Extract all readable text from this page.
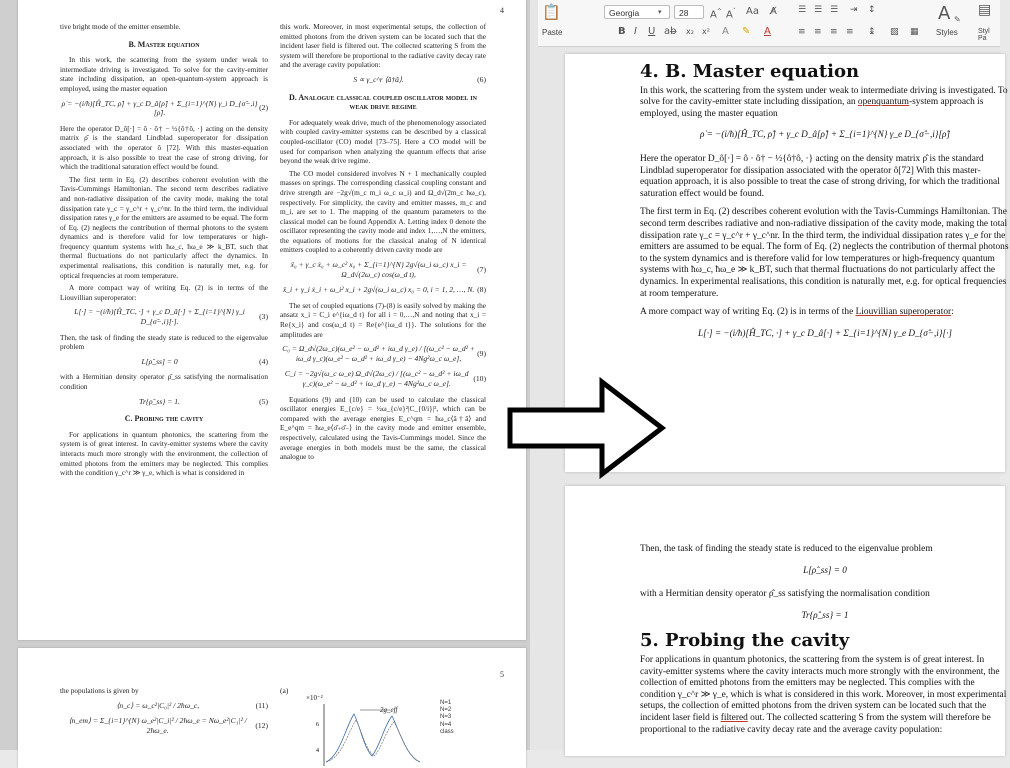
4

tive bright mode of the emitter ensemble.

B. Master equation

In this work, the scattering from the system under weak to intermediate driving is investigated. To solve for the cavity-emitter state including dissipation, an open-quantum-system approach is employed, using the master equation

ρ̇ = −(i/ħ)[Ĥ_TC, ρ̂] + γ_c D_â[ρ̂] + Σ_{i=1}^{N} γ_i D_{σ̂−,i}[ρ̂].
(2)

Here the operator D_ô[·] = ô · ô† − ½{ô†ô, ·} acting on the density matrix ρ̂ is the standard Lindblad superoperator for dissipation associated with the operator ô [72]. With this master-equation approach, it is also possible to treat the case of strong driving, for which the traditional saturation effect would be found.

The first term in Eq. (2) describes coherent evolution with the Tavis-Cummings Hamiltonian. The second term describes radiative and non-radiative dissipation of the cavity mode, making the total dissipation rate γ_c = γ_c^r + γ_c^nr. In the third term, the individual dissipation rates γ_e for the emitters are assumed to be equal. The form of Eq. (2) neglects the contribution of thermal photons to the system dynamics and is therefore valid for low temperatures or high-frequency quantum systems with ħω_c, ħω_e ≫ k_BT, such that thermal fluctuations do not particularly affect the dynamics. In experimental realisations, this condition is naturally met, e.g. for optical frequencies at room temperature.

A more compact way of writing Eq. (2) is in terms of the Liouvillian superoperator:

L[·] = −(i/ħ)[Ĥ_TC, ·] + γ_c D_â[·] + Σ_{i=1}^{N} γ_i D_{σ̂−,i}[·].
(3)

Then, the task of finding the steady state is reduced to the eigenvalue problem

L[ρ̂_ss] = 0	(4)

with a Hermitian density operator ρ̂_ss satisfying the normalisation condition

Tr{ρ̂_ss} = 1.	(5)
C. Probing the cavity

For applications in quantum photonics, the scattering from the system is of great interest. In cavity-emitter systems where the cavity interacts much more strongly with the environment, the collection of emitted photons from the emitters may be neglected. This complies with the condition γ_c^r ≫ γ_e, which is what is considered in

this work. Moreover, in most experimental setups, the collection of emitted photons from the driven system can be located such that the incident laser field is filtered out. The collected scattering S from the system will therefore be proportional to the radiative cavity decay rate and the average cavity population:

S ∝ γ_c^r ⟨â†â⟩.	(6)
D. Analogue classical coupled oscillator model in weak drive regime

For adequately weak drive, much of the phenomenology associated with coupled cavity-emitter systems can be described by a classical coupled-oscillator (CO) model [73–75]. Here a CO model will be used for comparison when analyzing the quantum effects that arise beyond the weak drive regime.

The CO model considered involves N + 1 mechanically coupled masses on springs. The corresponding classical coupling constant and drive strength are −2g√(m_c m_i ω_c ω_i) and Ω_d√(2m_c ħω_c), respectively. For simplicity, the cavity and emitter masses, m_c and m_i, are set to 1. The mapping of the quantum parameters to the classical model can be found Appendix A. Letting index 0 denote the oscillator representing the cavity mode and index 1,…,N the emitters, the equations of motions for the classical analog of N identical emitters coupled to a coherently driven cavity mode are

ẍ₀ + γ_c ẋ₀ + ω_c² x₀ + Σ_{i=1}^{N} 2g√(ω_i ω_c) x_i = Ω_d√(2ω_c) cos(ω_d t),
(7)
ẍ_i + γ_i ẋ_i + ω_i² x_i + 2g√(ω_i ω_c) x₀ = 0, i = 1, 2, …, N. (8)

The set of coupled equations (7)-(8) is easily solved by making the ansatz x_i = C_i e^{iω_d t} for all i = 0,…,N and noting that x_i = Re{x_i} and cos(ω_d t) = Re{e^{iω_d t}}. The solutions for the amplitudes are

C₀ = Ω_d√(2ω_c)(ω_e² − ω_d² + iω_d γ_e) / [(ω_c² − ω_d² + iω_d γ_c)(ω_e² − ω_d² + iω_d γ_e) − 4Ng²ω_c ω_e],
(9)
C_i = −2g√(ω_c ω_e) Ω_d√(2ω_c) / [(ω_c² − ω_d² + iω_d γ_c)(ω_e² − ω_d² + iω_d γ_e) − 4Ng²ω_c ω_e].
(10)

Equations (9) and (10) can be used to calculate the classical oscillator energies E_{c/e} = ½ω_{c/e}²|C_{0/i}|², which can be compared with the average energies E_c^qm = ħω_c⟨â†â⟩ and E_e^qm = ħω_e⟨σ̂₊σ̂₋⟩ in the cavity mode and emitter ensemble, respectively, calculated using the Tavis-Cummings model. Since the average energies in both models must be the same, the classical analogue to

5

the populations is given by

⟨n_c⟩ = ω_c²|C₀|² / 2ħω_c,	(11)
⟨n_em⟩ = Σ_{i=1}^{N} ω_e²|C_i|² / 2ħω_e = Nω_e²|C₁|² / 2ħω_e.
(12)
(a)
×10⁻²
2g_eff
6
4
N=1
N=2
N=3
N=4
class
📋
Paste
Georgia	▾	28	A^ $A^ˇ$ Aa A̸ ☰ ☰ ☰ ⇥ ↕
B I U ab̶ x₂ x² A ✎ A	≡ ≡ ≡ ≡ ↨ ▨ ▦
A ✎
Styles
▤
Styl Pa
4. B. Master equation

In this work, the scattering from the system under weak to intermediate driving is investigated. To solve for the cavity-emitter state including dissipation, an openquantum-system approach is employed, using the master equation

ρ̇ = −(i/ħ)[Ĥ_TC, ρ̂] + γ_c D_â[ρ̂] + Σ_{i=1}^{N} γ_e D_{σ̂−,i}[ρ̂]

Here the operator D_ô[·] = ô · ô† − ½{ô†ô, ·} acting on the density matrix ρ̂ is the standard Lindblad superoperator for dissipation associated with the operator ô[72] With this master-equation approach, it is also possible to treat the case of strong driving, for which the traditional saturation effect would be found.

The first term in Eq. (2) describes coherent evolution with the Tavis-Cummings Hamiltonian. The second term describes radiative and non-radiative dissipation of the cavity mode, making the total dissipation rate γ_c = γ_c^r + γ_c^nr. In the third term, the individual dissipation rates γ_e for the emitters are assumed to be equal. The form of Eq. (2) neglects the contribution of thermal photons to the system dynamics and is therefore valid for low temperatures or high-frequency quantum systems with ħω_c, ħω_e ≫ k_BT, such that thermal fluctuations do not particularly affect the dynamics. In experimental realisations, this condition is naturally met, e.g. for optical frequencies at room temperature.

A more compact way of writing Eq. (2) is in terms of the Liouvillian superoperator:

L[·] = −(i/ħ)[Ĥ_TC, ·] + γ_c D_â[·] + Σ_{i=1}^{N} γ_e D_{σ̂−,i}[·]

Then, the task of finding the steady state is reduced to the eigenvalue problem

L[ρ̂_ss] = 0

with a Hermitian density operator ρ̂_ss satisfying the normalisation condition

Tr{ρ̂_ss} = 1
5. Probing the cavity

For applications in quantum photonics, the scattering from the system is of great interest. In cavity-emitter systems where the cavity interacts much more strongly with the environment, the collection of emitted photons from the emitters may be neglected. This complies with the condition γ_c^r ≫ γ_e, which is what is considered in this work. Moreover, in most experimental setups, the collection of emitted photons from the driven system can be located such that the incident laser field is filtered out. The collected scattering S from the system will therefore be proportional to the radiative cavity decay rate and the average cavity population:
